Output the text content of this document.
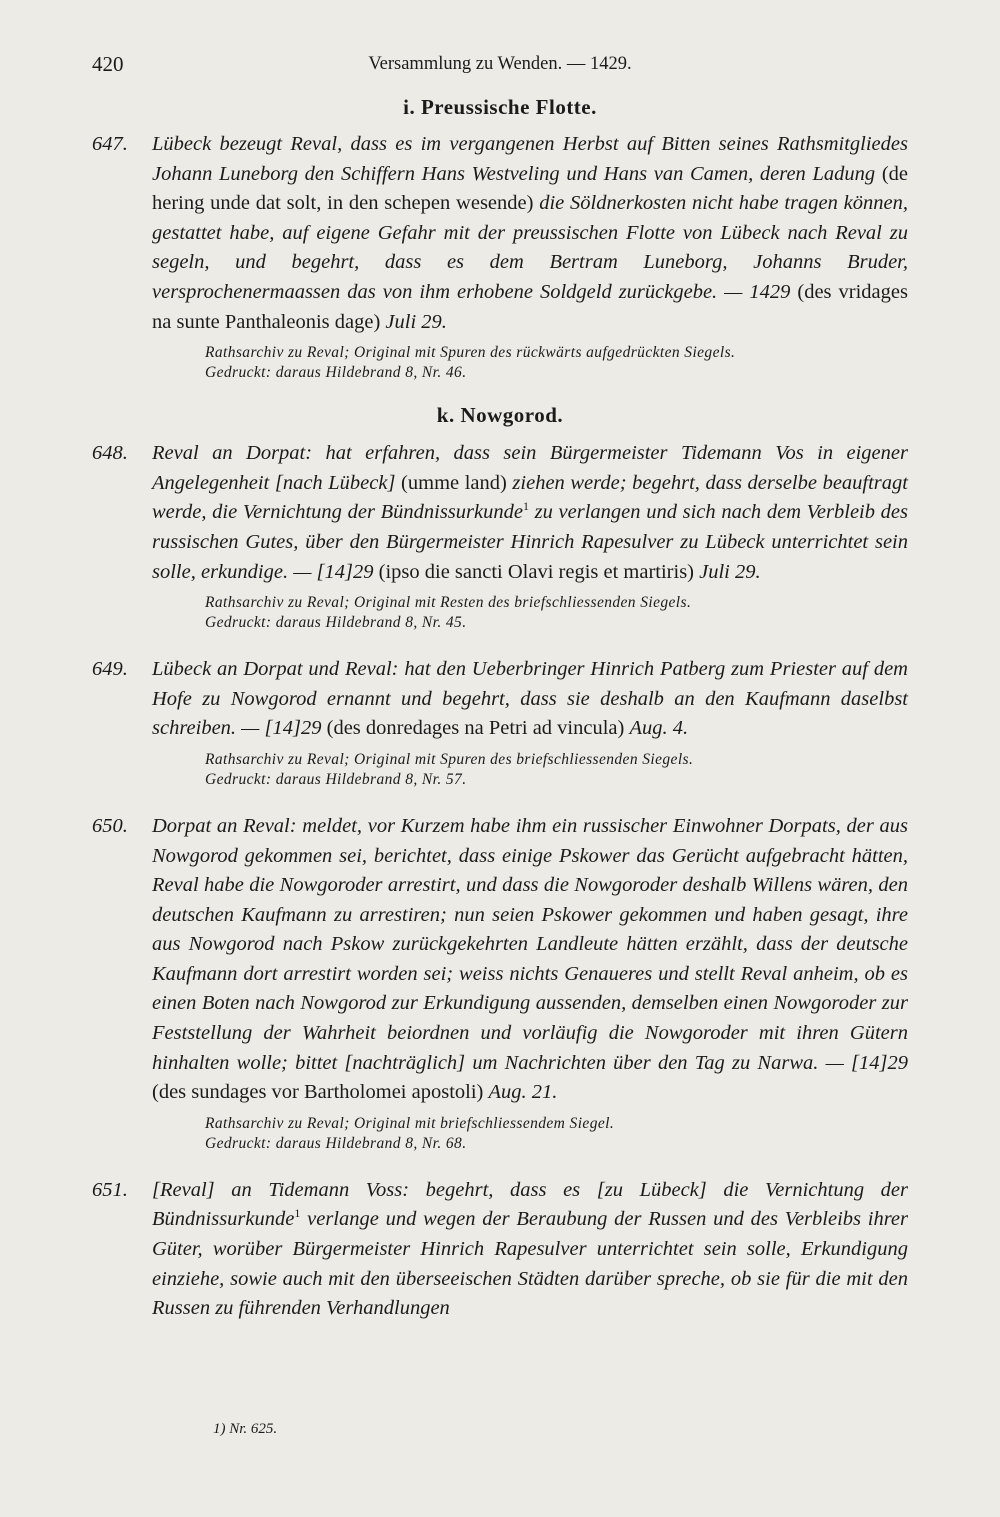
420	Versammlung zu Wenden. — 1429.
i. Preussische Flotte.
647. Lübeck bezeugt Reval, dass es im vergangenen Herbst auf Bitten seines Rathsmitgliedes Johann Luneborg den Schiffern Hans Westveling und Hans van Camen, deren Ladung (de hering unde dat solt, in den schepen wesende) die Söldnerkosten nicht habe tragen können, gestattet habe, auf eigene Gefahr mit der preussischen Flotte von Lübeck nach Reval zu segeln, und begehrt, dass es dem Bertram Luneborg, Johanns Bruder, versprochenermaassen das von ihm erhobene Soldgeld zurückgebe. — 1429 (des vridages na sunte Panthaleonis dage) Juli 29.
Rathsarchiv zu Reval; Original mit Spuren des rückwärts aufgedrückten Siegels.
Gedruckt: daraus Hildebrand 8, Nr. 46.
k. Nowgorod.
648. Reval an Dorpat: hat erfahren, dass sein Bürgermeister Tidemann Vos in eigener Angelegenheit [nach Lübeck] (umme land) ziehen werde; begehrt, dass derselbe beauftragt werde, die Vernichtung der Bündnissurkunde$^1$ zu verlangen und sich nach dem Verbleib des russischen Gutes, über den Bürgermeister Hinrich Rapesulver zu Lübeck unterrichtet sein solle, erkundige. — [14]29 (ipso die sancti Olavi regis et martiris) Juli 29.
Rathsarchiv zu Reval; Original mit Resten des briefschliessenden Siegels.
Gedruckt: daraus Hildebrand 8, Nr. 45.
649. Lübeck an Dorpat und Reval: hat den Ueberbringer Hinrich Patberg zum Priester auf dem Hofe zu Nowgorod ernannt und begehrt, dass sie deshalb an den Kaufmann daselbst schreiben. — [14]29 (des donredages na Petri ad vincula) Aug. 4.
Rathsarchiv zu Reval; Original mit Spuren des briefschliessenden Siegels.
Gedruckt: daraus Hildebrand 8, Nr. 57.
650. Dorpat an Reval: meldet, vor Kurzem habe ihm ein russischer Einwohner Dorpats, der aus Nowgorod gekommen sei, berichtet, dass einige Pskower das Gerücht aufgebracht hätten, Reval habe die Nowgoroder arrestirt, und dass die Nowgoroder deshalb Willens wären, den deutschen Kaufmann zu arrestiren; nun seien Pskower gekommen und haben gesagt, ihre aus Nowgorod nach Pskow zurückgekehrten Landleute hätten erzählt, dass der deutsche Kaufmann dort arrestirt worden sei; weiss nichts Genaueres und stellt Reval anheim, ob es einen Boten nach Nowgorod zur Erkundigung aussenden, demselben einen Nowgoroder zur Feststellung der Wahrheit beiordnen und vorläufig die Nowgoroder mit ihren Gütern hinhalten wolle; bittet [nachträglich] um Nachrichten über den Tag zu Narwa. — [14]29 (des sundages vor Bartholomei apostoli) Aug. 21.
Rathsarchiv zu Reval; Original mit briefschliessendem Siegel.
Gedruckt: daraus Hildebrand 8, Nr. 68.
651. [Reval] an Tidemann Voss: begehrt, dass es [zu Lübeck] die Vernichtung der Bündnissurkunde$^1$ verlange und wegen der Beraubung der Russen und des Verbleibs ihrer Güter, worüber Bürgermeister Hinrich Rapesulver unterrichtet sein solle, Erkundigung einziehe, sowie auch mit den überseeischen Städten darüber spreche, ob sie für die mit den Russen zu führenden Verhandlungen
1) Nr. 625.
